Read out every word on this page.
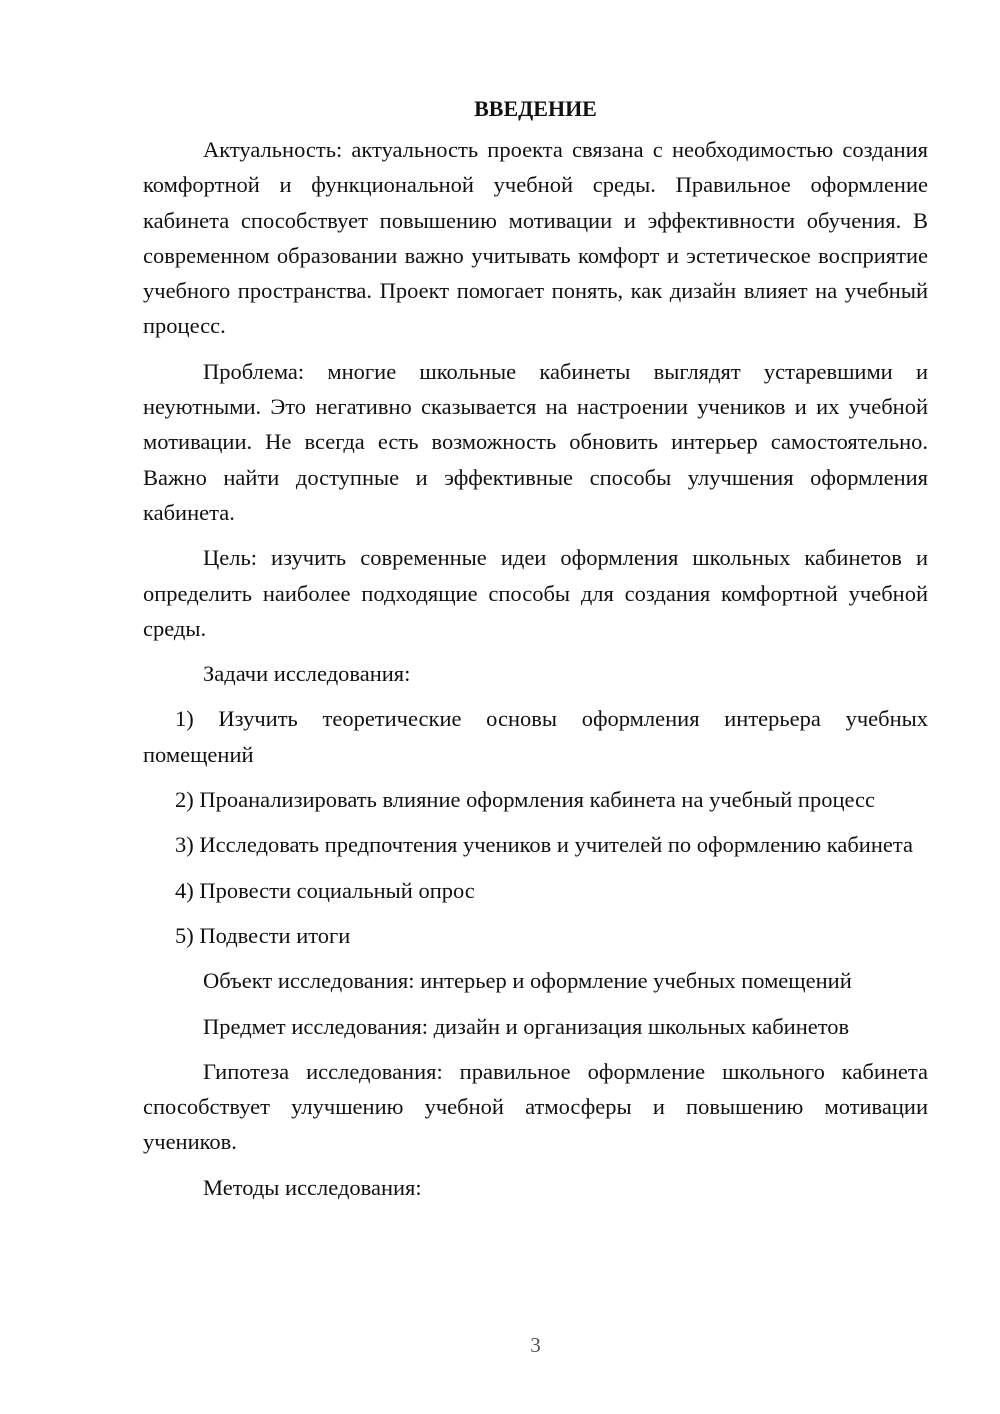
ВВЕДЕНИЕ

Актуальность: актуальность проекта связана с необходимостью создания комфортной и функциональной учебной среды. Правильное оформление кабинета способствует повышению мотивации и эффективности обучения. В современном образовании важно учитывать комфорт и эстетическое восприятие учебного пространства. Проект помогает понять, как дизайн влияет на учебный процесс.

Проблема: многие школьные кабинеты выглядят устаревшими и неуютными. Это негативно сказывается на настроении учеников и их учебной мотивации. Не всегда есть возможность обновить интерьер самостоятельно. Важно найти доступные и эффективные способы улучшения оформления кабинета.

Цель: изучить современные идеи оформления школьных кабинетов и определить наиболее подходящие способы для создания комфортной учебной среды.

Задачи исследования:

1) Изучить теоретические основы оформления интерьера учебных помещений

2) Проанализировать влияние оформления кабинета на учебный процесс

3) Исследовать предпочтения учеников и учителей по оформлению кабинета

4) Провести социальный опрос

5) Подвести итоги

Объект исследования: интерьер и оформление учебных помещений

Предмет исследования: дизайн и организация школьных кабинетов

Гипотеза исследования: правильное оформление школьного кабинета способствует улучшению учебной атмосферы и повышению мотивации учеников.

Методы исследования:

3
